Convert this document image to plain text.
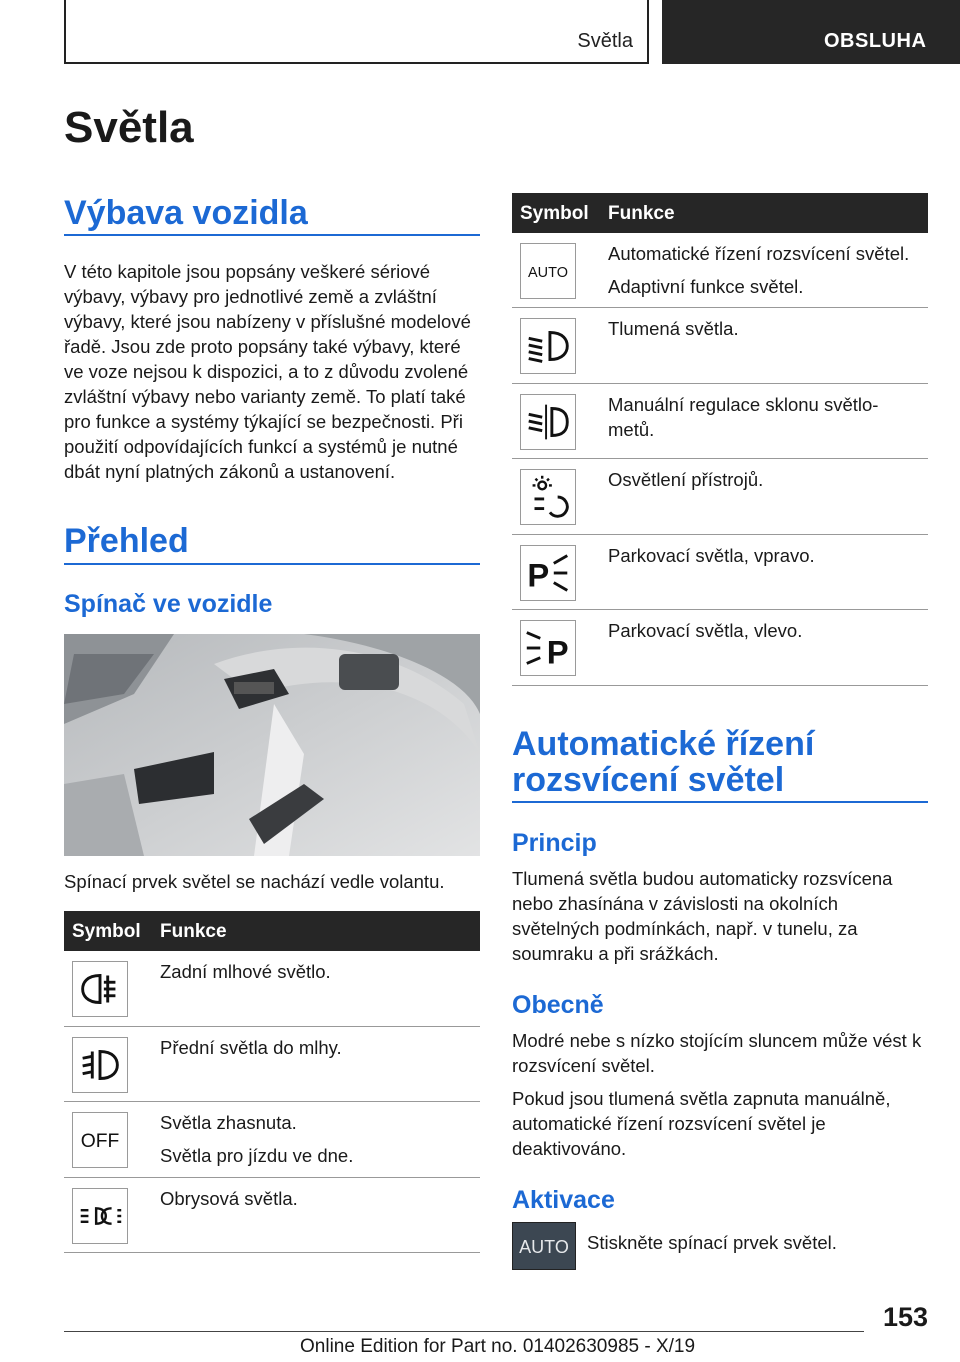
Světla	OBSLUHA
Světla
Výbava vozidla
V této kapitole jsou popsány veškeré sériové výbavy, výbavy pro jednotlivé země a zvláštní výbavy, které jsou nabízeny v příslušné modelové řadě. Jsou zde proto popsány také výbavy, které ve voze nejsou k dispozici, a to z důvodu zvolené zvláštní výbavy nebo varianty země. To platí také pro funkce a systémy týkající se bezpečnosti. Při použití odpovídajících funkcí a systémů je nutné dbát nyní platných zákonů a ustanovení.
Přehled
Spínač ve vozidle
Spínací prvek světel se nachází vedle volantu.
Symbol Funkce
Zadní mlhové světlo.
Přední světla do mlhy.
OFF
Světla zhasnuta.
Světla pro jízdu ve dne.
Obrysová světla.
Symbol Funkce
AUTO
Automatické řízení rozsvícení světel.
Adaptivní funkce světel.
Tlumená světla.
Manuální regulace sklonu světlo-
metů.
Osvětlení přístrojů.
P
Parkovací světla, vpravo.
P
Parkovací světla, vlevo.
Automatické řízení
rozsvícení světel
Princip
Tlumená světla budou automaticky rozsvícena nebo zhasínána v závislosti na okolních světelných podmínkách, např. v tunelu, za soumraku a při srážkách.
Obecně

Modré nebe s nízko stojícím sluncem může vést k rozsvícení světel.

Pokud jsou tlumená světla zapnuta manuálně, automatické řízení rozsvícení světel je deaktivováno.

Aktivace
AUTO Stiskněte spínací prvek světel.
153
Online Edition for Part no. 01402630985 - X/19
